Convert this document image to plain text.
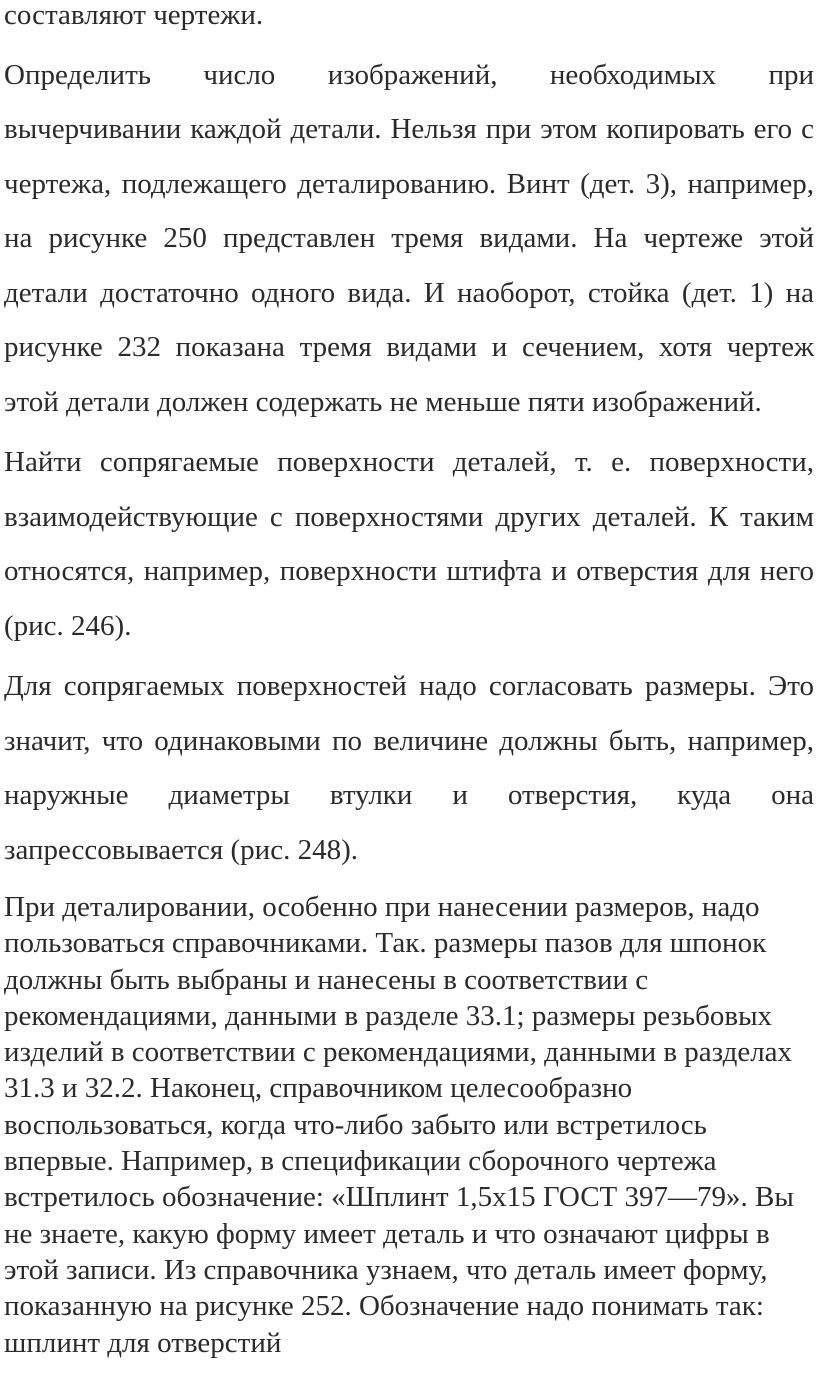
составляют чертежи.

Определить число изображений, необходимых при вычерчивании каждой детали. Нельзя при этом копировать его с чертежа, подлежащего деталированию. Винт (дет. 3), например, на рисунке 250 представлен тремя видами. На чертеже этой детали достаточно одного вида. И наоборот, стойка (дет. 1) на рисунке 232 показана тремя видами и сечением, хотя чертеж этой детали должен содержать не меньше пяти изображений.

Найти сопрягаемые поверхности деталей, т. е. поверхности, взаимодействующие с поверхностями других деталей. К таким относятся, например, поверхности штифта и отверстия для него (рис. 246).

Для сопрягаемых поверхностей надо согласовать размеры. Это значит, что одинаковыми по величине должны быть, например, наружные диаметры втулки и отверстия, куда она запрессовывается (рис. 248).

При деталировании, особенно при нанесении размеров, надо пользоваться справочниками. Так. размеры пазов для шпонок должны быть выбраны и нанесены в соответствии с рекомендациями, данными в разделе 33.1; размеры резьбовых изделий в соответствии с рекомендациями, данными в разделах 31.3 и 32.2. Наконец, справочником целесообразно воспользоваться, когда что-либо забыто или встретилось впервые. Например, в спецификации сборочного чертежа встретилось обозначение: «Шплинт 1,5х15 ГОСТ 397—79». Вы не знаете, какую форму имеет деталь и что означают цифры в этой записи. Из справочника узнаем, что деталь имеет форму, показанную на рисунке 252. Обозначение надо понимать так: шплинт для отверстий
